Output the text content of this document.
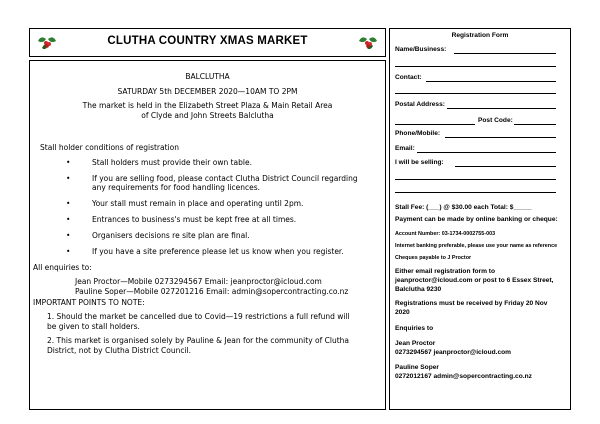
CLUTHA COUNTRY XMAS MARKET
BALCLUTHA
SATURDAY 5th DECEMBER 2020—10AM TO 2PM
The market is held in the Elizabeth Street Plaza & Main Retail Area
of Clyde and John Streets Balclutha
Stall holder conditions of registration
•	Stall holders must provide their own table.
•	If you are selling food, please contact Clutha District Council regarding
any requirements for food handling licences.
•	Your stall must remain in place and operating until 2pm.
•	Entrances to business's must be kept free at all times.
•	Organisers decisions re site plan are final.
•	If you have a site preference please let us know when you register.
All enquiries to:
Jean Proctor—Mobile 0273294567 Email: jeanproctor@icloud.com
Pauline Soper—Mobile 027201216 Email: admin@sopercontracting.co.nz
IMPORTANT POINTS TO NOTE:
1. Should the market be cancelled due to Covid—19 restrictions a full refund will
be given to stall holders.
2. This market is organised solely by Pauline & Jean for the community of Clutha
District, not by Clutha District Council.
Registration Form
Name/Business:
Contact:
Postal Address:
Post Code:
Phone/Mobile:
Email:
I will be selling:
Stall Fee: (___) @ $30.00 each Total: $_____
Payment can be made by online banking or cheque:
Account Number: 03-1734-0002755-003
Internet banking preferable, please use your name as reference
Cheques payable to J Proctor
Either email registration form to
jeanproctor@icloud.com or post to 6 Essex Street,
Balclutha 9230
Registrations must be received by Friday 20 Nov
2020
Enquiries to
Jean Proctor
0273294567 jeanproctor@icloud.com
Pauline Soper
0272012167 admin@sopercontracting.co.nz
